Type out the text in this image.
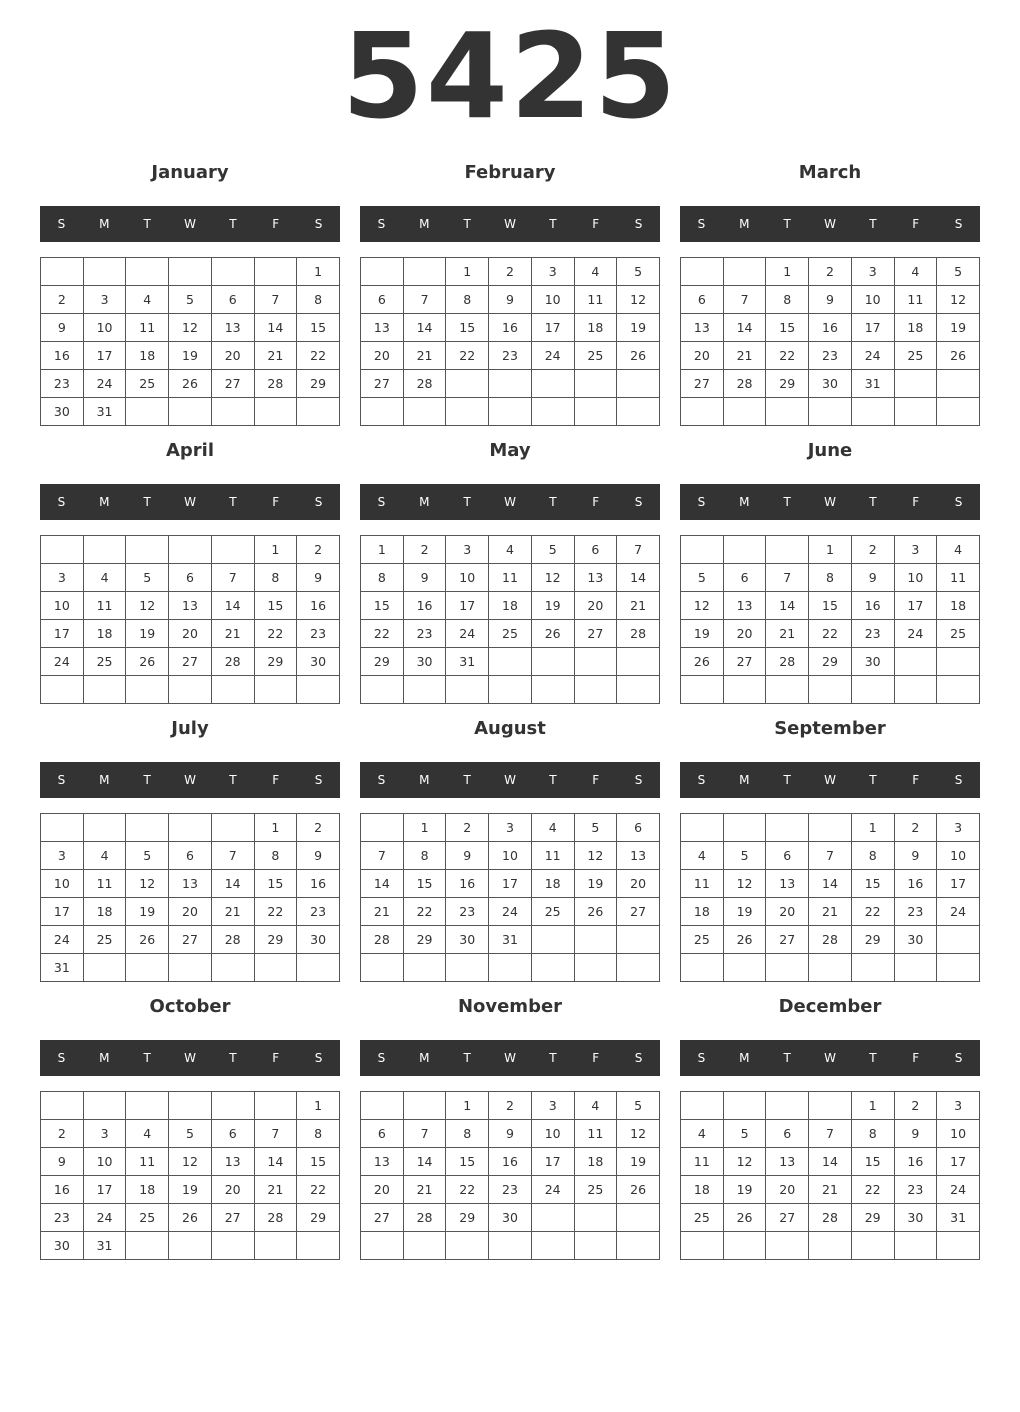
5425
January
S	M	T	W	T	F	S
						1
2	3	4	5	6	7	8
9	10	11	12	13	14	15
16	17	18	19	20	21	22
23	24	25	26	27	28	29
30	31					
February
S	M	T	W	T	F	S
		1	2	3	4	5
6	7	8	9	10	11	12
13	14	15	16	17	18	19
20	21	22	23	24	25	26
27	28					

March
S	M	T	W	T	F	S
		1	2	3	4	5
6	7	8	9	10	11	12
13	14	15	16	17	18	19
20	21	22	23	24	25	26
27	28	29	30	31		

April
S	M	T	W	T	F	S
					1	2
3	4	5	6	7	8	9
10	11	12	13	14	15	16
17	18	19	20	21	22	23
24	25	26	27	28	29	30

May
S	M	T	W	T	F	S
1	2	3	4	5	6	7
8	9	10	11	12	13	14
15	16	17	18	19	20	21
22	23	24	25	26	27	28
29	30	31				

June
S	M	T	W	T	F	S
			1	2	3	4
5	6	7	8	9	10	11
12	13	14	15	16	17	18
19	20	21	22	23	24	25
26	27	28	29	30		

July
S	M	T	W	T	F	S
					1	2
3	4	5	6	7	8	9
10	11	12	13	14	15	16
17	18	19	20	21	22	23
24	25	26	27	28	29	30
31						
August
S	M	T	W	T	F	S
	1	2	3	4	5	6
7	8	9	10	11	12	13
14	15	16	17	18	19	20
21	22	23	24	25	26	27
28	29	30	31			

September
S	M	T	W	T	F	S
				1	2	3
4	5	6	7	8	9	10
11	12	13	14	15	16	17
18	19	20	21	22	23	24
25	26	27	28	29	30	

October
S	M	T	W	T	F	S
						1
2	3	4	5	6	7	8
9	10	11	12	13	14	15
16	17	18	19	20	21	22
23	24	25	26	27	28	29
30	31					
November
S	M	T	W	T	F	S
		1	2	3	4	5
6	7	8	9	10	11	12
13	14	15	16	17	18	19
20	21	22	23	24	25	26
27	28	29	30			

December
S	M	T	W	T	F	S
				1	2	3
4	5	6	7	8	9	10
11	12	13	14	15	16	17
18	19	20	21	22	23	24
25	26	27	28	29	30	31
